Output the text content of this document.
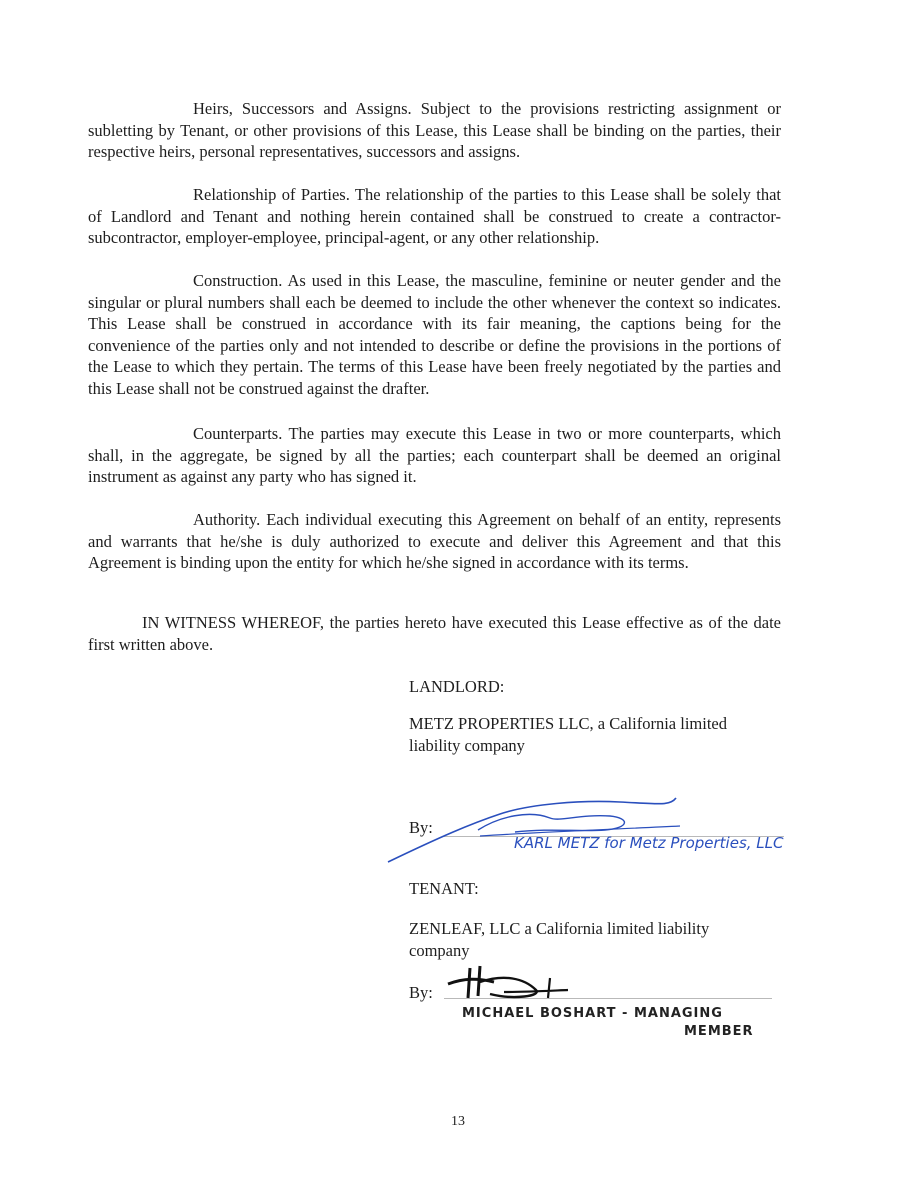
Heirs, Successors and Assigns. Subject to the provisions restricting assignment or subletting by Tenant, or other provisions of this Lease, this Lease shall be binding on the parties, their respective heirs, personal representatives, successors and assigns.

Relationship of Parties. The relationship of the parties to this Lease shall be solely that of Landlord and Tenant and nothing herein contained shall be construed to create a contractor-subcontractor, employer-employee, principal-agent, or any other relationship.

Construction. As used in this Lease, the masculine, feminine or neuter gender and the singular or plural numbers shall each be deemed to include the other whenever the context so indicates. This Lease shall be construed in accordance with its fair meaning, the captions being for the convenience of the parties only and not intended to describe or define the provisions in the portions of the Lease to which they pertain. The terms of this Lease have been freely negotiated by the parties and this Lease shall not be construed against the drafter.

Counterparts. The parties may execute this Lease in two or more counterparts, which shall, in the aggregate, be signed by all the parties; each counterpart shall be deemed an original instrument as against any party who has signed it.

Authority. Each individual executing this Agreement on behalf of an entity, represents and warrants that he/she is duly authorized to execute and deliver this Agreement and that this Agreement is binding upon the entity for which he/she signed in accordance with its terms.

IN WITNESS WHEREOF, the parties hereto have executed this Lease effective as of the date first written above.

LANDLORD:

METZ PROPERTIES LLC, a California limited liability company

By:
KARL METZ for Metz Properties, LLC

TENANT:

ZENLEAF, LLC a California limited liability company

By:
MICHAEL BOSHART - MANAGING
MEMBER
13
